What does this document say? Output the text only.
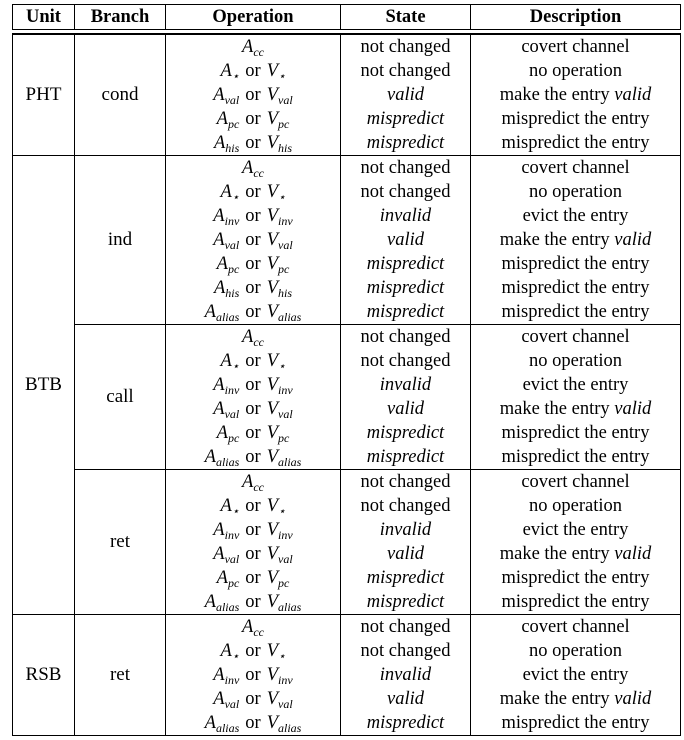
Unit	Branch	Operation	State	Description
PHT	cond	$A_{cc}$	not changed	covert channel
		$A_⋆$ or $V_⋆$	not changed	no operation
		$A_{val}$ or $V_{val}$	valid	make the entry valid
		$A_{pc}$ or $V_{pc}$	mispredict	mispredict the entry
		$A_{his}$ or $V_{his}$	mispredict	mispredict the entry
BTB	ind	$A_{cc}$	not changed	covert channel
		$A_⋆$ or $V_⋆$	not changed	no operation
		$A_{inv}$ or $V_{inv}$	invalid	evict the entry
		$A_{val}$ or $V_{val}$	valid	make the entry valid
		$A_{pc}$ or $V_{pc}$	mispredict	mispredict the entry
		$A_{his}$ or $V_{his}$	mispredict	mispredict the entry
		$A_{alias}$ or $V_{alias}$	mispredict	mispredict the entry
	call	$A_{cc}$	not changed	covert channel
		$A_⋆$ or $V_⋆$	not changed	no operation
		$A_{inv}$ or $V_{inv}$	invalid	evict the entry
		$A_{val}$ or $V_{val}$	valid	make the entry valid
		$A_{pc}$ or $V_{pc}$	mispredict	mispredict the entry
		$A_{alias}$ or $V_{alias}$	mispredict	mispredict the entry
	ret	$A_{cc}$	not changed	covert channel
		$A_⋆$ or $V_⋆$	not changed	no operation
		$A_{inv}$ or $V_{inv}$	invalid	evict the entry
		$A_{val}$ or $V_{val}$	valid	make the entry valid
		$A_{pc}$ or $V_{pc}$	mispredict	mispredict the entry
		$A_{alias}$ or $V_{alias}$	mispredict	mispredict the entry
RSB	ret	$A_{cc}$	not changed	covert channel
		$A_⋆$ or $V_⋆$	not changed	no operation
		$A_{inv}$ or $V_{inv}$	invalid	evict the entry
		$A_{val}$ or $V_{val}$	valid	make the entry valid
		$A_{alias}$ or $V_{alias}$	mispredict	mispredict the entry
